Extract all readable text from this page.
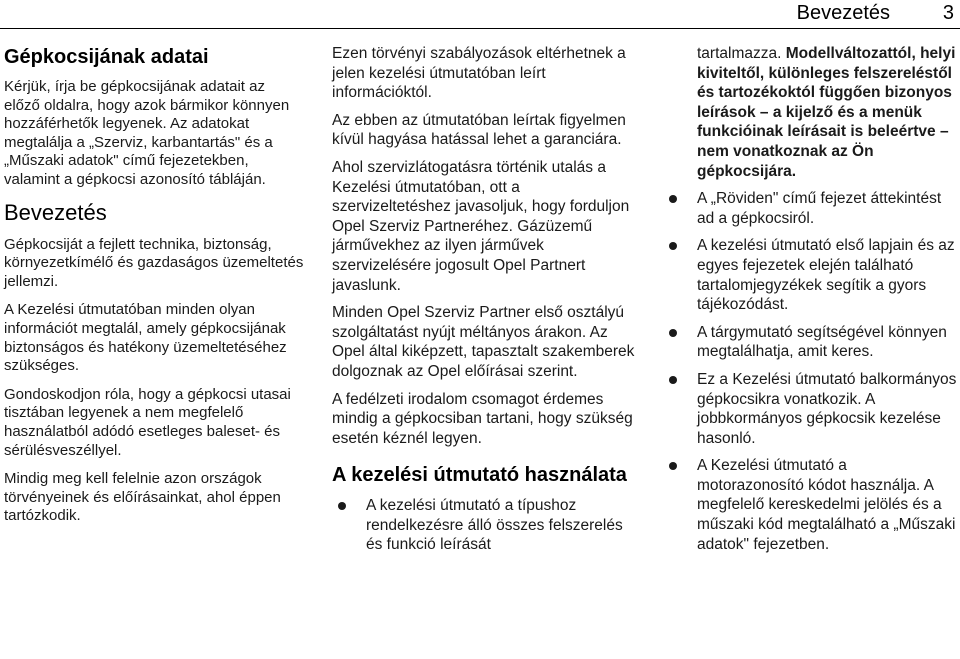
Bevezetés	3
Gépkocsijának adatai

Kérjük, írja be gépkocsijának adatait az előző oldalra, hogy azok bármikor könnyen hozzáférhetők legyenek. Az adatokat megtalálja a „Szerviz, karbantartás" és a „Műszaki adatok" című fejezetekben, valamint a gépkocsi azonosító tábláján.

Bevezetés

Gépkocsiját a fejlett technika, biztonság, környezetkímélő és gazdaságos üzemeltetés jellemzi.

A Kezelési útmutatóban minden olyan információt megtalál, amely gépkocsijának biztonságos és hatékony üzemeltetéséhez szükséges.

Gondoskodjon róla, hogy a gépkocsi utasai tisztában legyenek a nem megfelelő használatból adódó esetleges baleset- és sérülésveszéllyel.

Mindig meg kell felelnie azon országok törvényeinek és előírásainkat, ahol éppen tartózkodik.

Ezen törvényi szabályozások eltérhetnek a jelen kezelési útmutatóban leírt információktól.

Az ebben az útmutatóban leírtak figyelmen kívül hagyása hatással lehet a garanciára.

Ahol szervizlátogatásra történik utalás a Kezelési útmutatóban, ott a szervizeltetéshez javasoljuk, hogy forduljon Opel Szerviz Partneréhez. Gázüzemű járművekhez az ilyen járművek szervizelésére jogosult Opel Partnert javaslunk.

Minden Opel Szerviz Partner első osztályú szolgáltatást nyújt méltányos árakon. Az Opel által kiképzett, tapasztalt szakemberek dolgoznak az Opel előírásai szerint.

A fedélzeti irodalom csomagot érdemes mindig a gépkocsiban tartani, hogy szükség esetén kéznél legyen.

A kezelési útmutató használata
A kezelési útmutató a típushoz rendelkezésre álló összes felszerelés és funkció leírását

tartalmazza. Modellváltozattól, helyi kiviteltől, különleges felszereléstől és tartozékoktól függően bizonyos leírások – a kijelző és a menük funkcióinak leírásait is beleértve – nem vonatkoznak az Ön gépkocsijára.

A „Röviden" című fejezet áttekintést ad a gépkocsiról.
A kezelési útmutató első lapjain és az egyes fejezetek elején található tartalomjegyzékek segítik a gyors tájékozódást.
A tárgymutató segítségével könnyen megtalálhatja, amit keres.
Ez a Kezelési útmutató balkormányos gépkocsikra vonatkozik. A jobbkormányos gépkocsik kezelése hasonló.
A Kezelési útmutató a motorazonosító kódot használja. A megfelelő kereskedelmi jelölés és a műszaki kód megtalálható a „Műszaki adatok" fejezetben.
